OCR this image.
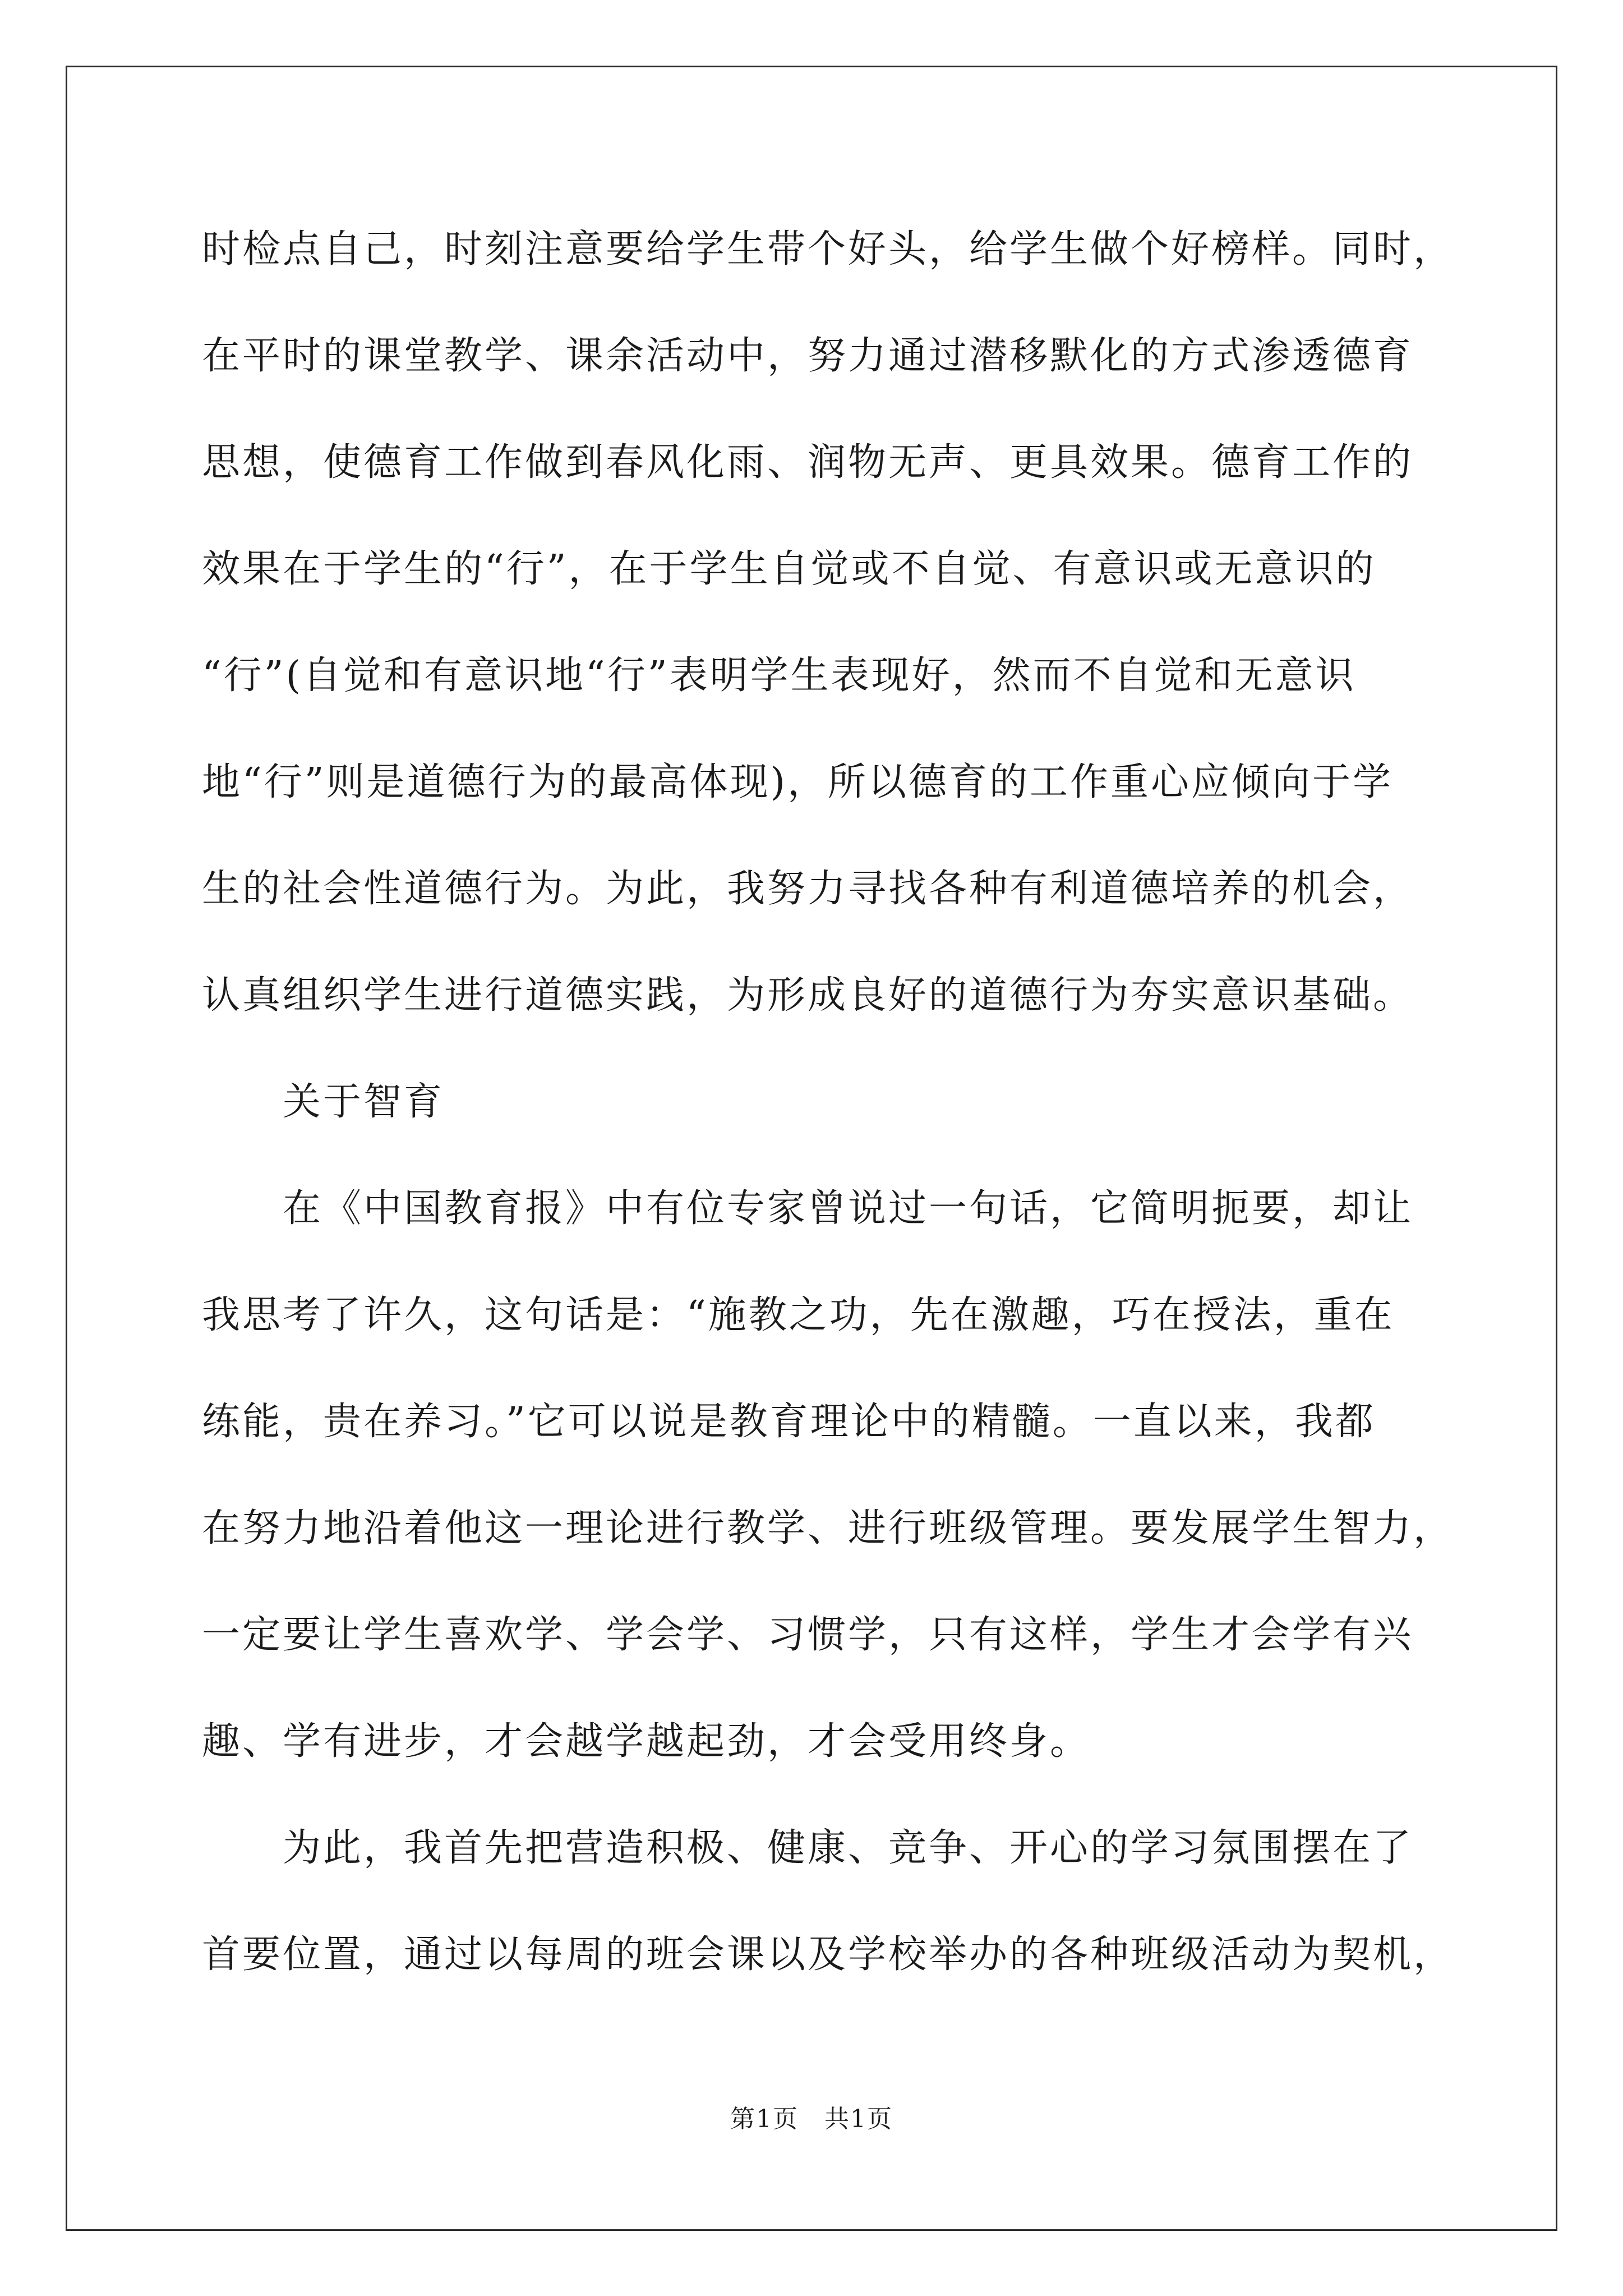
时检点自己，时刻注意要给学生带个好头，给学生做个好榜样。同时，
在平时的课堂教学、课余活动中，努力通过潜移默化的方式渗透德育
思想，使德育工作做到春风化雨、润物无声、更具效果。德育工作的
效果在于学生的“行”，在于学生自觉或不自觉、有意识或无意识的
“行”(自觉和有意识地“行”表明学生表现好，然而不自觉和无意识
地“行”则是道德行为的最高体现)，所以德育的工作重心应倾向于学
生的社会性道德行为。为此，我努力寻找各种有利道德培养的机会，
认真组织学生进行道德实践，为形成良好的道德行为夯实意识基础。
关于智育
在《中国教育报》中有位专家曾说过一句话，它简明扼要，却让
我思考了许久，这句话是：“施教之功，先在激趣，巧在授法，重在
练能，贵在养习。”它可以说是教育理论中的精髓。一直以来，我都
在努力地沿着他这一理论进行教学、进行班级管理。要发展学生智力，
一定要让学生喜欢学、学会学、习惯学，只有这样，学生才会学有兴
趣、学有进步，才会越学越起劲，才会受用终身。
为此，我首先把营造积极、健康、竞争、开心的学习氛围摆在了
首要位置，通过以每周的班会课以及学校举办的各种班级活动为契机，
第1页　共1页
